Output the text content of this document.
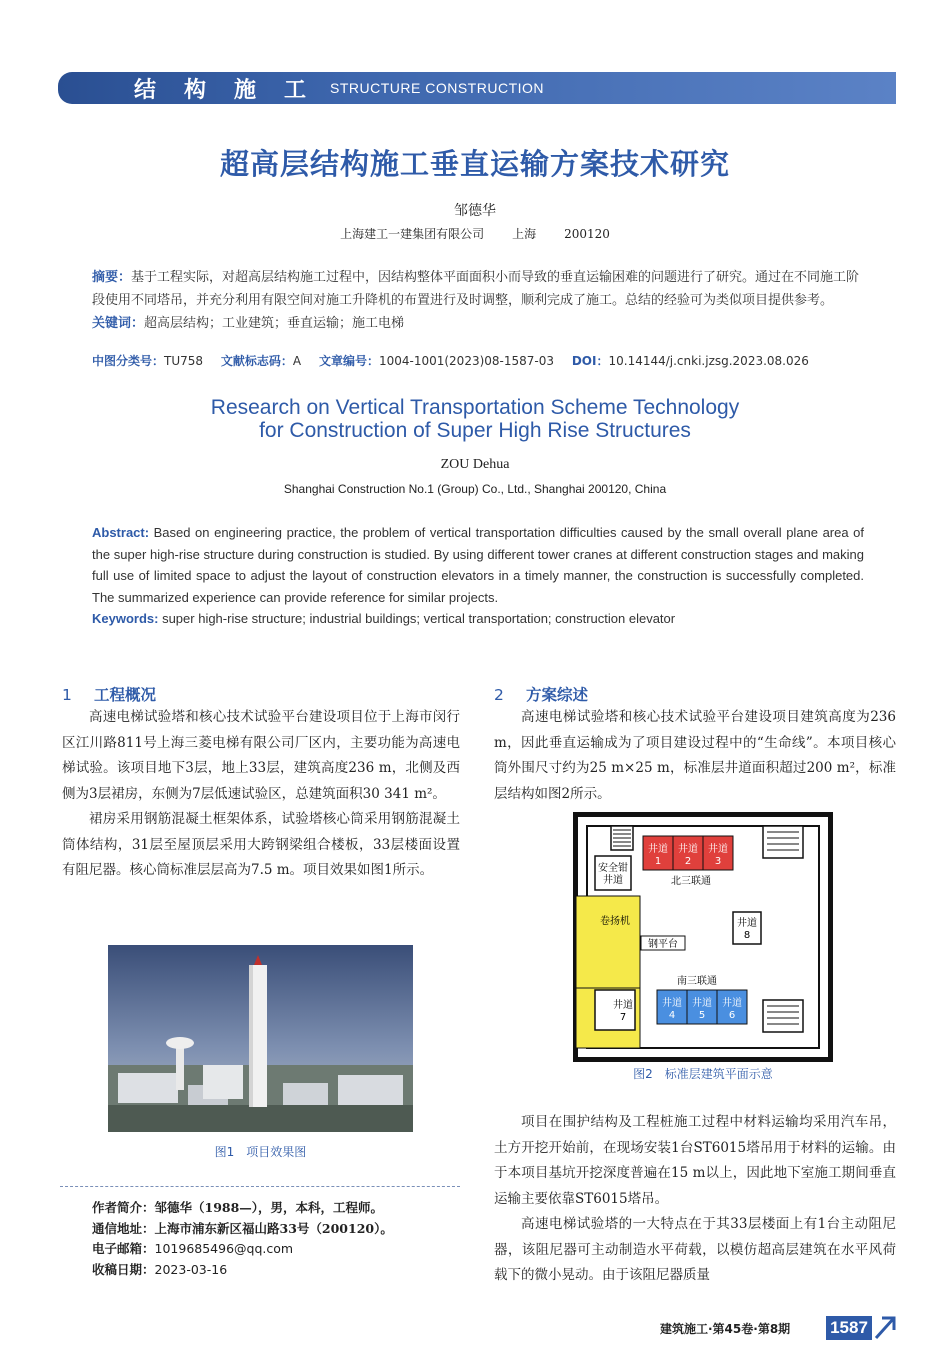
结构施工
STRUCTURE CONSTRUCTION
超高层结构施工垂直运输方案技术研究
邹德华
上海建工一建集团有限公司 上海 200120
摘要：基于工程实际，对超高层结构施工过程中，因结构整体平面面积小而导致的垂直运输困难的问题进行了研究。通过在不同施工阶段使用不同塔吊，并充分利用有限空间对施工升降机的布置进行及时调整，顺利完成了施工。总结的经验可为类似项目提供参考。
关键词：超高层结构；工业建筑；垂直运输；施工电梯
中图分类号：TU758 文献标志码：A 文章编号：1004-1001(2023)08-1587-03 DOI：10.14144/j.cnki.jzsg.2023.08.026
Research on Vertical Transportation Scheme Technology
for Construction of Super High Rise Structures
ZOU Dehua
Shanghai Construction No.1 (Group) Co., Ltd., Shanghai 200120, China
Abstract: Based on engineering practice, the problem of vertical transportation difficulties caused by the small overall plane area of the super high-rise structure during construction is studied. By using different tower cranes at different construction stages and making full use of limited space to adjust the layout of construction elevators in a timely manner, the construction is successfully completed. The summarized experience can provide reference for similar projects.
Keywords: super high-rise structure; industrial buildings; vertical transportation; construction elevator
1 工程概况

高速电梯试验塔和核心技术试验平台建设项目位于上海市闵行区江川路811号上海三菱电梯有限公司厂区内，主要功能为高速电梯试验。该项目地下3层，地上33层，建筑高度236 m，北侧及西侧为3层裙房，东侧为7层低速试验区，总建筑面积30 341 m²。

裙房采用钢筋混凝土框架体系，试验塔核心筒采用钢筋混凝土筒体结构，31层至屋顶层采用大跨钢梁组合楼板，33层楼面设置有阻尼器。核心筒标准层层高为7.5 m。项目效果如图1所示。

图1　项目效果图
作者简介：邹德华（1988—），男，本科，工程师。
通信地址：上海市浦东新区福山路33号（200120）。
电子邮箱：1019685496@qq.com
收稿日期：2023-03-16
2 方案综述

高速电梯试验塔和核心技术试验平台建设项目建筑高度为236 m，因此垂直运输成为了项目建设过程中的“生命线”。本项目核心筒外围尺寸约为25 m×25 m，标准层井道面积超过200 m²，标准层结构如图2所示。

安全钳
井道
井道
1
井道
2
井道
3
北三联通
卷扬机
井道
7
钢平台
井道
8
南三联通
井道
4
井道
5
井道
6
图2　标准层建筑平面示意

项目在围护结构及工程桩施工过程中材料运输均采用汽车吊，土方开挖开始前，在现场安装1台ST6015塔吊用于材料的运输。由于本项目基坑开挖深度普遍在15 m以上，因此地下室施工期间垂直运输主要依靠ST6015塔吊。

高速电梯试验塔的一大特点在于其33层楼面上有1台主动阻尼器，该阻尼器可主动制造水平荷载，以模仿超高层建筑在水平风荷载下的微小晃动。由于该阻尼器质量

建筑施工·第45卷·第8期 1587
